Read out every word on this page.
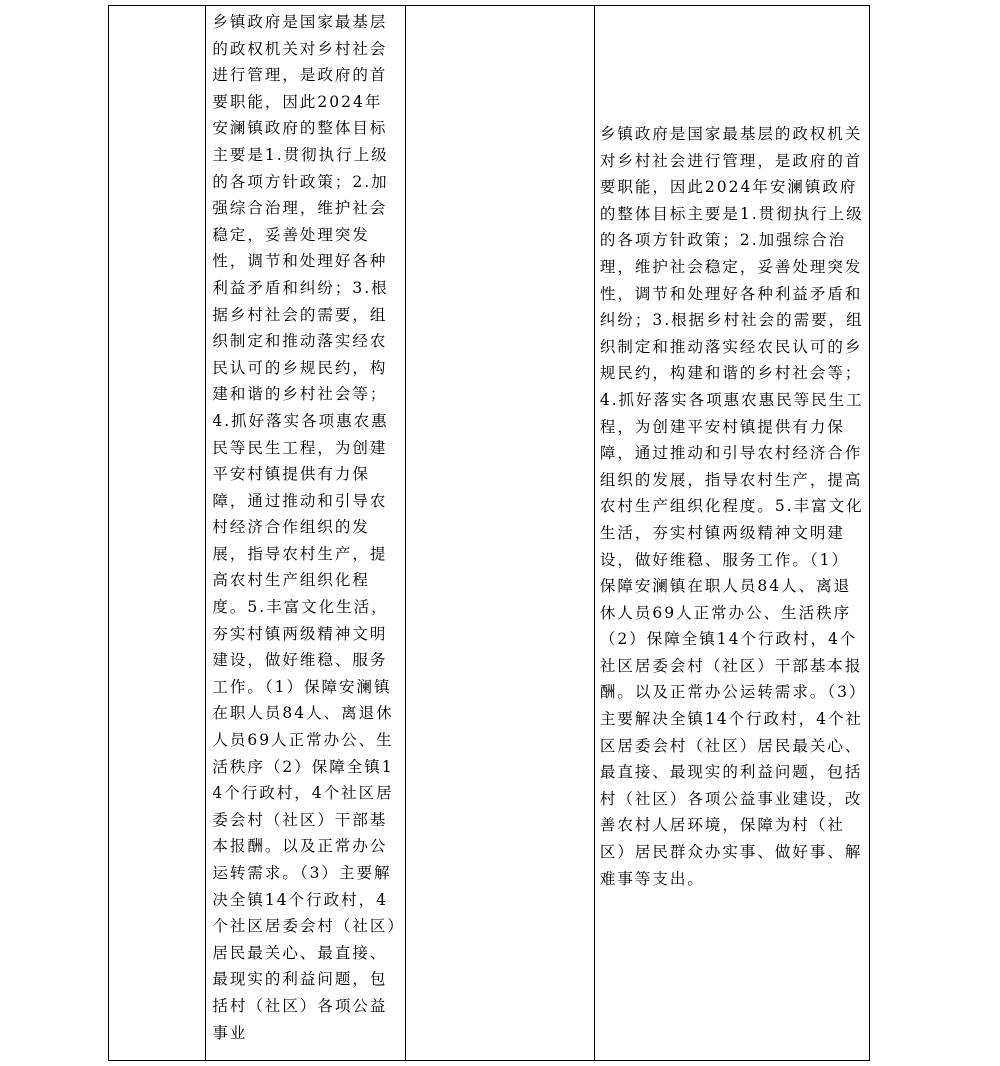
乡镇政府是国家最基层的政权机关对乡村社会进行管理，是政府的首要职能，因此2024年安澜镇政府的整体目标主要是1.贯彻执行上级的各项方针政策；2.加强综合治理，维护社会稳定，妥善处理突发性，调节和处理好各种利益矛盾和纠纷；3.根据乡村社会的需要，组织制定和推动落实经农民认可的乡规民约，构建和谐的乡村社会等；4.抓好落实各项惠农惠民等民生工程，为创建平安村镇提供有力保障，通过推动和引导农村经济合作组织的发展，指导农村生产，提高农村生产组织化程度。5.丰富文化生活，夯实村镇两级精神文明建设，做好维稳、服务工作。（1）保障安澜镇在职人员84人、离退休人员69人正常办公、生活秩序（2）保障全镇14个行政村，4个社区居委会村（社区）干部基本报酬。以及正常办公运转需求。（3）主要解决全镇14个行政村，4个社区居委会村（社区）居民最关心、最直接、最现实的利益问题，包括村（社区）各项公益事业

乡镇政府是国家最基层的政权机关对乡村社会进行管理，是政府的首要职能，因此2024年安澜镇政府的整体目标主要是1.贯彻执行上级的各项方针政策；2.加强综合治理，维护社会稳定，妥善处理突发性，调节和处理好各种利益矛盾和纠纷；3.根据乡村社会的需要，组织制定和推动落实经农民认可的乡规民约，构建和谐的乡村社会等；4.抓好落实各项惠农惠民等民生工程，为创建平安村镇提供有力保障，通过推动和引导农村经济合作组织的发展，指导农村生产，提高农村生产组织化程度。5.丰富文化生活，夯实村镇两级精神文明建设，做好维稳、服务工作。（1）保障安澜镇在职人员84人、离退休人员69人正常办公、生活秩序（2）保障全镇14个行政村，4个社区居委会村（社区）干部基本报酬。以及正常办公运转需求。（3）主要解决全镇14个行政村，4个社区居委会村（社区）居民最关心、最直接、最现实的利益问题，包括村（社区）各项公益事业建设，改善农村人居环境，保障为村（社区）居民群众办实事、做好事、解难事等支出。
